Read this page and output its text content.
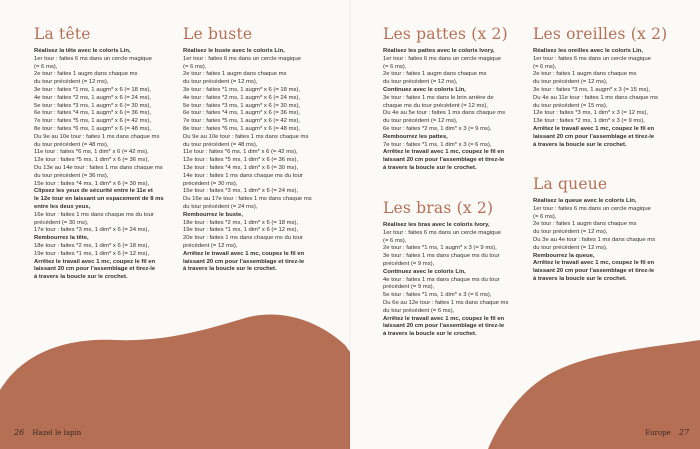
La tête
Réalisez la tête avec le coloris Lin,
1er tour : faites 6 ms dans un cercle magique
(= 6 ms),
2e tour : faites 1 augm dans chaque ms
du tour précédent (= 12 ms),
3e tour : faites *1 ms, 1 augm* x 6 (= 18 ms),
4e tour : faites *2 ms, 1 augm* x 6 (= 24 ms),
5e tour : faites *3 ms, 1 augm* x 6 (= 30 ms),
6e tour : faites *4 ms, 1 augm* x 6 (= 36 ms),
7e tour : faites *5 ms, 1 augm* x 6 (= 42 ms),
8e tour : faites *6 ms, 1 augm* x 6 (= 48 ms),
Du 9e au 10e tour : faites 1 ms dans chaque ms
du tour précédent (= 48 ms),
11e tour : faites *6 ms, 1 dim* x 6 (= 42 ms),
12e tour : faites *5 ms, 1 dim* x 6 (= 36 ms),
Du 13e au 14e tour : faites 1 ms dans chaque ms
du tour précédent (= 36 ms),
15e tour : faites *4 ms, 1 dim* x 6 (= 30 ms),
Clipsez les yeux de sécurité entre le 11e et
le 12e tour en laissant un espacement de 8 ms
entre les deux yeux,
16e tour : faites 1 ms dans chaque ms du tour
précédent (= 30 ms),
17e tour : faites *3 ms, 1 dim* x 6 (= 24 ms),
Rembourrez la tête,
18e tour : faites *2 ms, 1 dim* x 6 (= 18 ms),
19e tour : faites *1 ms, 1 dim* x 6 (= 12 ms),
Arrêtez le travail avec 1 mc, coupez le fil en
laissant 20 cm pour l’assemblage et tirez-le
à travers la boucle sur le crochet.
Le buste
Réalisez le buste avec le coloris Lin,
1er tour : faites 6 ms dans un cercle magique
(= 6 ms),
2e tour : faites 1 augm dans chaque ms
du tour précédent (= 12 ms),
3e tour : faites *1 ms, 1 augm* x 6 (= 18 ms),
4e tour : faites *2 ms, 1 augm* x 6 (= 24 ms),
5e tour : faites *3 ms, 1 augm* x 6 (= 30 ms),
6e tour : faites *4 ms, 1 augm* x 6 (= 36 ms),
7e tour : faites *5 ms, 1 augm* x 6 (= 42 ms),
8e tour : faites *6 ms, 1 augm* x 6 (= 48 ms),
Du 9e au 10e tour : faites 1 ms dans chaque ms
du tour précédent (= 48 ms),
11e tour : faites *6 ms, 1 dim* x 6 (= 42 ms),
12e tour : faites *5 ms, 1 dim* x 6 (= 36 ms),
13e tour : faites *4 ms, 1 dim* x 6 (= 30 ms),
14e tour : faites 1 ms dans chaque ms du tour
précédent (= 30 ms),
15e tour : faites *3 ms, 1 dim* x 6 (= 24 ms),
Du 16e au 17e tour : faites 1 ms dans chaque ms
du tour précédent (= 24 ms),
Rembourrez le buste,
18e tour : faites *2 ms, 1 dim* x 6 (= 18 ms),
19e tour : faites *1 ms, 1 dim* x 6 (= 12 ms),
20e tour : faites 1 ms dans chaque ms du tour
précédent (= 12 ms),
Arrêtez le travail avec 1 mc, coupez le fil en
laissant 20 cm pour l’assemblage et tirez-le
à travers la boucle sur le crochet.
Les pattes (x 2)
Réalisez les pattes avec le coloris Ivory,
1er tour : faites 6 ms dans un cercle magique
(= 6 ms),
2e tour : faites 1 augm dans chaque ms
du tour précédent (= 12 ms),
Continuez avec le coloris Lin,
3e tour : faites 1 ms dans le brin arrière de
chaque ms du tour précédent (= 12 ms),
Du 4e au 5e tour : faites 1 ms dans chaque ms
du tour précédent (= 12 ms),
6e tour : faites *2 ms, 1 dim* x 3 (= 9 ms),
Rembourrez les pattes,
7e tour : faites *1 ms, 1 dim* x 3 (= 6 ms),
Arrêtez le travail avec 1 mc, coupez le fil en
laissant 20 cm pour l’assemblage et tirez-le
à travers la boucle sur le crochet.
Les bras (x 2)
Réalisez les bras avec le coloris Ivory,
1er tour : faites 6 ms dans un cercle magique
(= 6 ms),
2e tour : faites *1 ms, 1 augm* x 3 (= 9 ms),
3e tour : faites 1 ms dans chaque ms du tour
précédent (= 9 ms),
Continuez avec le coloris Lin,
4e tour : faites 1 ms dans chaque ms du tour
précédent (= 9 ms),
5e tour : faites *1 ms, 1 dim* x 3 (= 6 ms),
Du 6e au 12e tour : faites 1 ms dans chaque ms
du tour précédent (= 6 ms),
Arrêtez le travail avec 1 mc, coupez le fil en
laissant 20 cm pour l’assemblage et tirez-le
à travers la boucle sur le crochet.
Les oreilles (x 2)
Réalisez les oreilles avec le coloris Lin,
1er tour : faites 6 ms dans un cercle magique
(= 6 ms),
2e tour : faites 1 augm dans chaque ms
du tour précédent (= 12 ms),
3e tour : faites *3 ms, 1 augm* x 3 (= 15 ms),
Du 4e au 11e tour : faites 1 ms dans chaque ms
du tour précédent (= 15 ms),
12e tour : faites *3 ms, 1 dim* x 3 (= 12 ms),
13e tour : faites *2 ms, 1 dim* x 3 (= 9 ms),
Arrêtez le travail avec 1 mc, coupez le fil en
laissant 20 cm pour l’assemblage et tirez-le
à travers la boucle sur le crochet.
La queue
Réalisez la queue avec le coloris Lin,
1er tour : faites 6 ms dans un cercle magique
(= 6 ms),
2e tour : faites 1 augm dans chaque ms
du tour précédent (= 12 ms),
Du 3e au 4e tour : faites 1 ms dans chaque ms
du tour précédent (= 12 ms),
Rembourrez la queue,
Arrêtez le travail avec 1 mc, coupez le fil en
laissant 20 cm pour l’assemblage et tirez-le
à travers la boucle sur le crochet.
26 Hazel le lapin	Europe 27
